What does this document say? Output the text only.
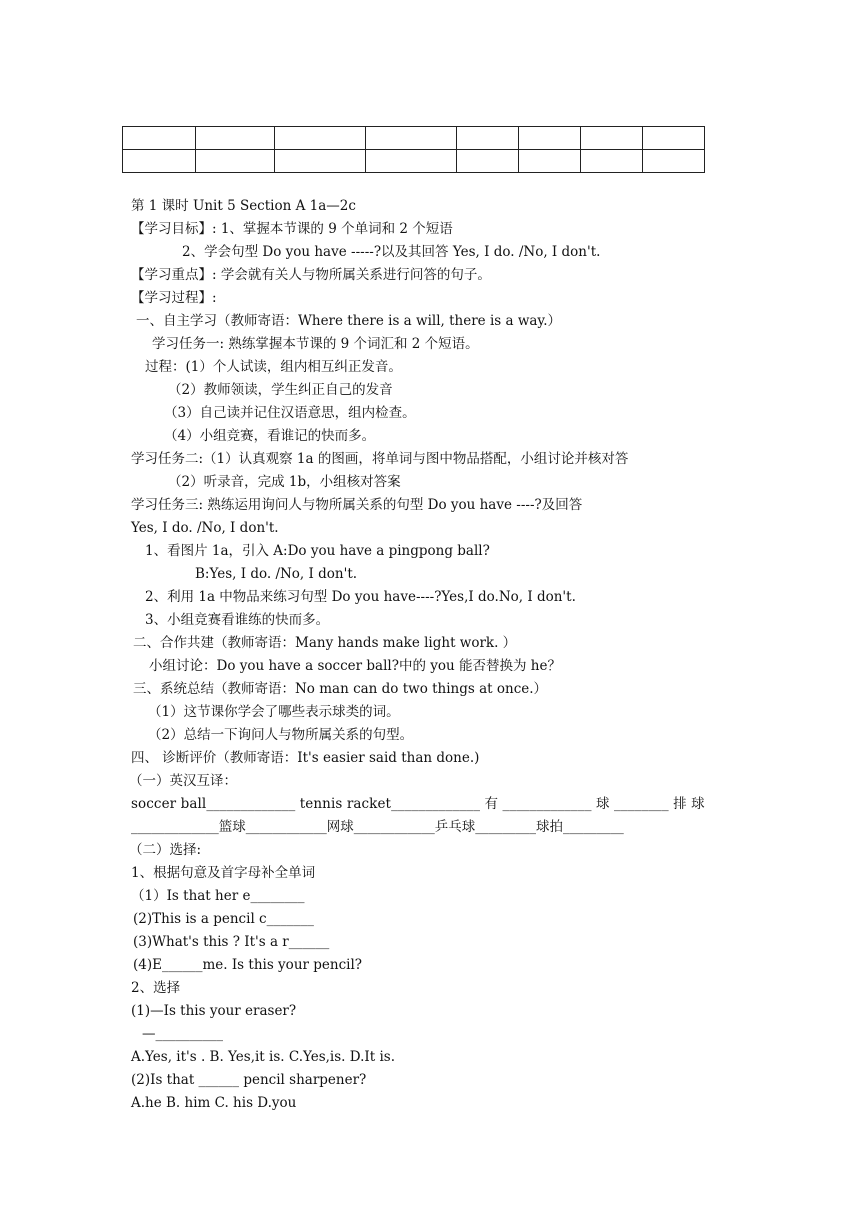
第 1 课时 Unit 5 Section A 1a—2c
【学习目标】: 1、掌握本节课的 9 个单词和 2 个短语
2、学会句型 Do you have -----?以及其回答 Yes, I do. /No, I don't.
【学习重点】: 学会就有关人与物所属关系进行问答的句子。
【学习过程】:
一、自主学习（教师寄语：Where there is a will, there is a way.）
学习任务一: 熟练掌握本节课的 9 个词汇和 2 个短语。
过程：(1）个人试读，组内相互纠正发音。
（2）教师领读，学生纠正自己的发音
（3）自己读并记住汉语意思，组内检查。
（4）小组竞赛，看谁记的快而多。
学习任务二:（1）认真观察 1a 的图画，将单词与图中物品搭配，小组讨论并核对答
（2）听录音，完成 1b，小组核对答案
学习任务三: 熟练运用询问人与物所属关系的句型 Do you have ----?及回答
Yes, I do. /No, I don't.
1、看图片 1a，引入 A:Do you have a pingpong ball?
B:Yes, I do. /No, I don't.
2、利用 1a 中物品来练习句型 Do you have----?Yes,I do.No, I don't.
3、小组竞赛看谁练的快而多。
二、合作共建（教师寄语：Many hands make light work. ）
小组讨论：Do you have a soccer ball?中的 you 能否替换为 he？
三、系统总结（教师寄语：No man can do two things at once.）
（1）这节课你学会了哪些表示球类的词。
（2）总结一下询问人与物所属关系的句型。
四、 诊断评价（教师寄语：It's easier said than done.)
（一）英汉互译：
soccer ball_____________ tennis racket_____________ 有 _____________ 球 ________ 排 球
_____________篮球____________网球____________乒乓球_________球拍_________
（二）选择:
1、根据句意及首字母补全单词
（1）Is that her e________
(2)This is a pencil c_______
(3)What's this ? It's a r______
(4)E______me. Is this your pencil?
2、选择
(1)—Is this your eraser?
—__________
A.Yes, it's . B. Yes,it is. C.Yes,is. D.It is.
(2)Is that ______ pencil sharpener?
A.he B. him C. his D.you
